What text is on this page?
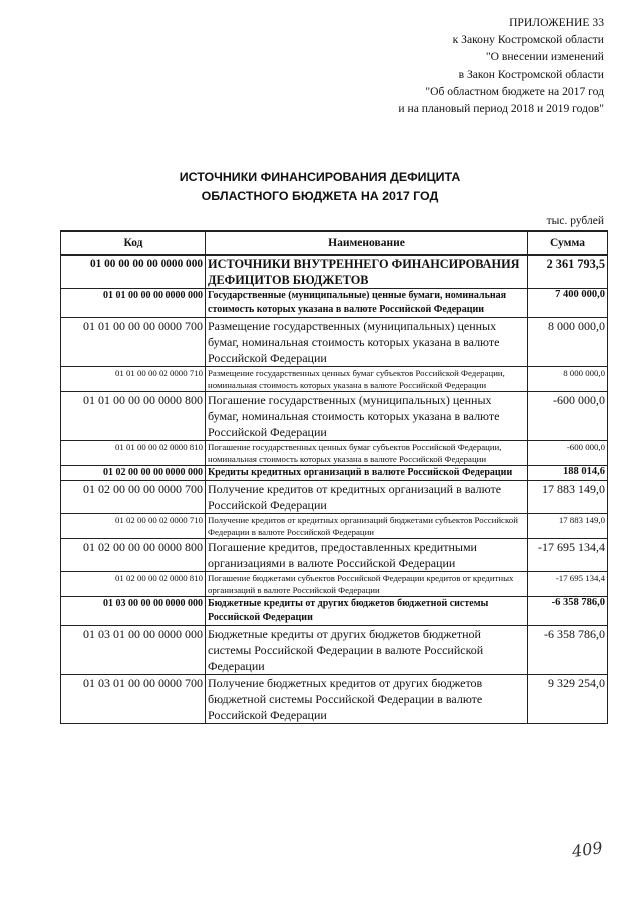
ПРИЛОЖЕНИЕ 33
к Закону Костромской области
"О внесении изменений
в Закон Костромской области
"Об областном бюджете на 2017 год
и на плановый период 2018 и 2019 годов"
ИСТОЧНИКИ ФИНАНСИРОВАНИЯ ДЕФИЦИТА
ОБЛАСТНОГО БЮДЖЕТА НА 2017 ГОД
тыс. рублей
Код	Наименование	Сумма
01 00 00 00 00 0000 000	ИСТОЧНИКИ ВНУТРЕННЕГО ФИНАНСИРОВАНИЯ ДЕФИЦИТОВ БЮДЖЕТОВ	2 361 793,5
01 01 00 00 00 0000 000	Государственные (муниципальные) ценные бумаги, номинальная стоимость которых указана в валюте Российской Федерации	7 400 000,0
01 01 00 00 00 0000 700	Размещение государственных (муниципальных) ценных бумаг, номинальная стоимость которых указана в валюте Российской Федерации	8 000 000,0
01 01 00 00 02 0000 710	Размещение государственных ценных бумаг субъектов Российской Федерации, номинальная стоимость которых указана в валюте Российской Федерации	8 000 000,0
01 01 00 00 00 0000 800	Погашение государственных (муниципальных) ценных бумаг, номинальная стоимость которых указана в валюте Российской Федерации	-600 000,0
01 01 00 00 02 0000 810	Погашение государственных ценных бумаг субъектов Российской Федерации, номинальная стоимость которых указана в валюте Российской Федерации	-600 000,0
01 02 00 00 00 0000 000	Кредиты кредитных организаций в валюте Российской Федерации	188 014,6
01 02 00 00 00 0000 700	Получение кредитов от кредитных организаций в валюте Российской Федерации	17 883 149,0
01 02 00 00 02 0000 710	Получение кредитов от кредитных организаций бюджетами субъектов Российской Федерации в валюте Российской Федерации	17 883 149,0
01 02 00 00 00 0000 800	Погашение кредитов, предоставленных кредитными организациями в валюте Российской Федерации	-17 695 134,4
01 02 00 00 02 0000 810	Погашение бюджетами субъектов Российской Федерации кредитов от кредитных организаций в валюте Российской Федерации	-17 695 134,4
01 03 00 00 00 0000 000	Бюджетные кредиты от других бюджетов бюджетной системы Российской Федерации	-6 358 786,0
01 03 01 00 00 0000 000	Бюджетные кредиты от других бюджетов бюджетной системы Российской Федерации в валюте Российской Федерации	-6 358 786,0
01 03 01 00 00 0000 700	Получение бюджетных кредитов от других бюджетов бюджетной системы Российской Федерации в валюте Российской Федерации	9 329 254,0
409
